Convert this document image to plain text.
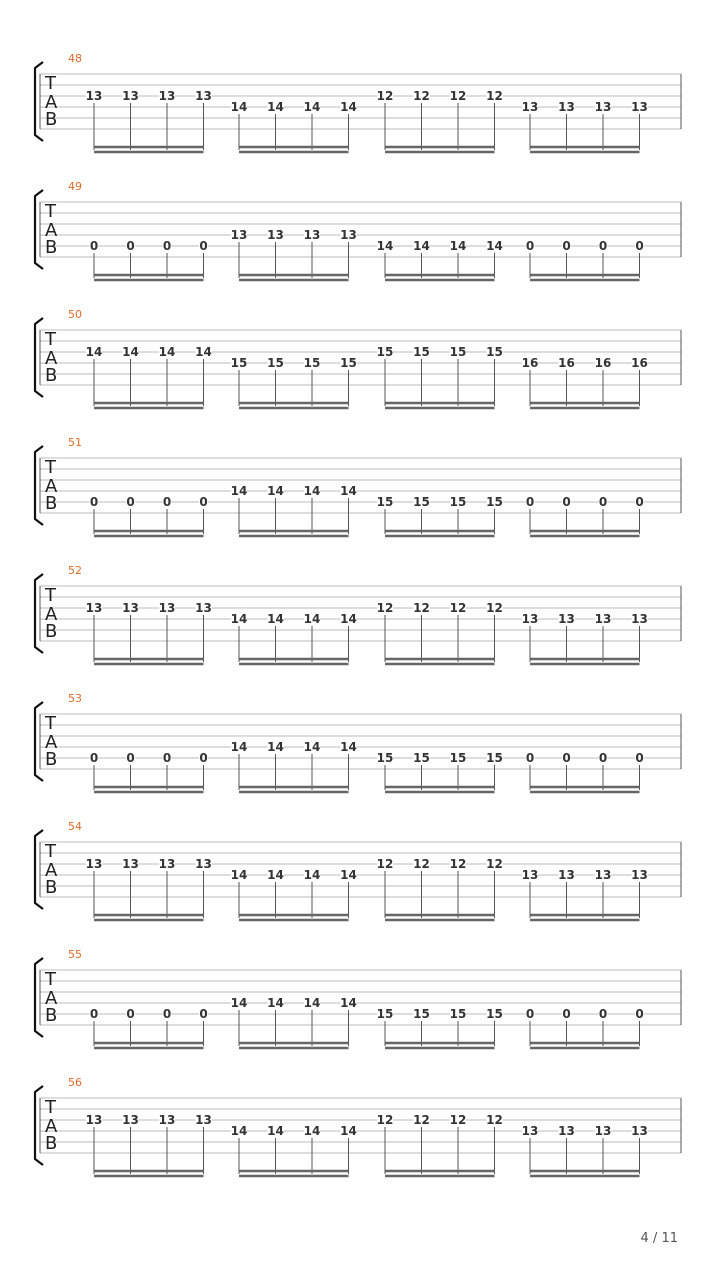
48
T
A
B
13 13 13 13
14 14 14 14
12 12 12 12
13 13 13 13
49
T
A
B	0 0 0 0
13 13 13 13
14 14 14 14 0 0 0 0
50
T
A
B
14 14 14 14
15 15 15 15
15 15 15 15
16 16 16 16
51
T
A
B	0 0 0 0
14 14 14 14
15 15 15 15 0 0 0 0
52
T
A
B
13 13 13 13
14 14 14 14
12 12 12 12
13 13 13 13
53
T
A
B	0 0 0 0
14 14 14 14
15 15 15 15 0 0 0 0
54
T
A
B
13 13 13 13
14 14 14 14
12 12 12 12
13 13 13 13
55
T
A
B	0 0 0 0
14 14 14 14
15 15 15 15 0 0 0 0
56
T
A
B
13 13 13 13
14 14 14 14
12 12 12 12
13 13 13 13
4 / 11
